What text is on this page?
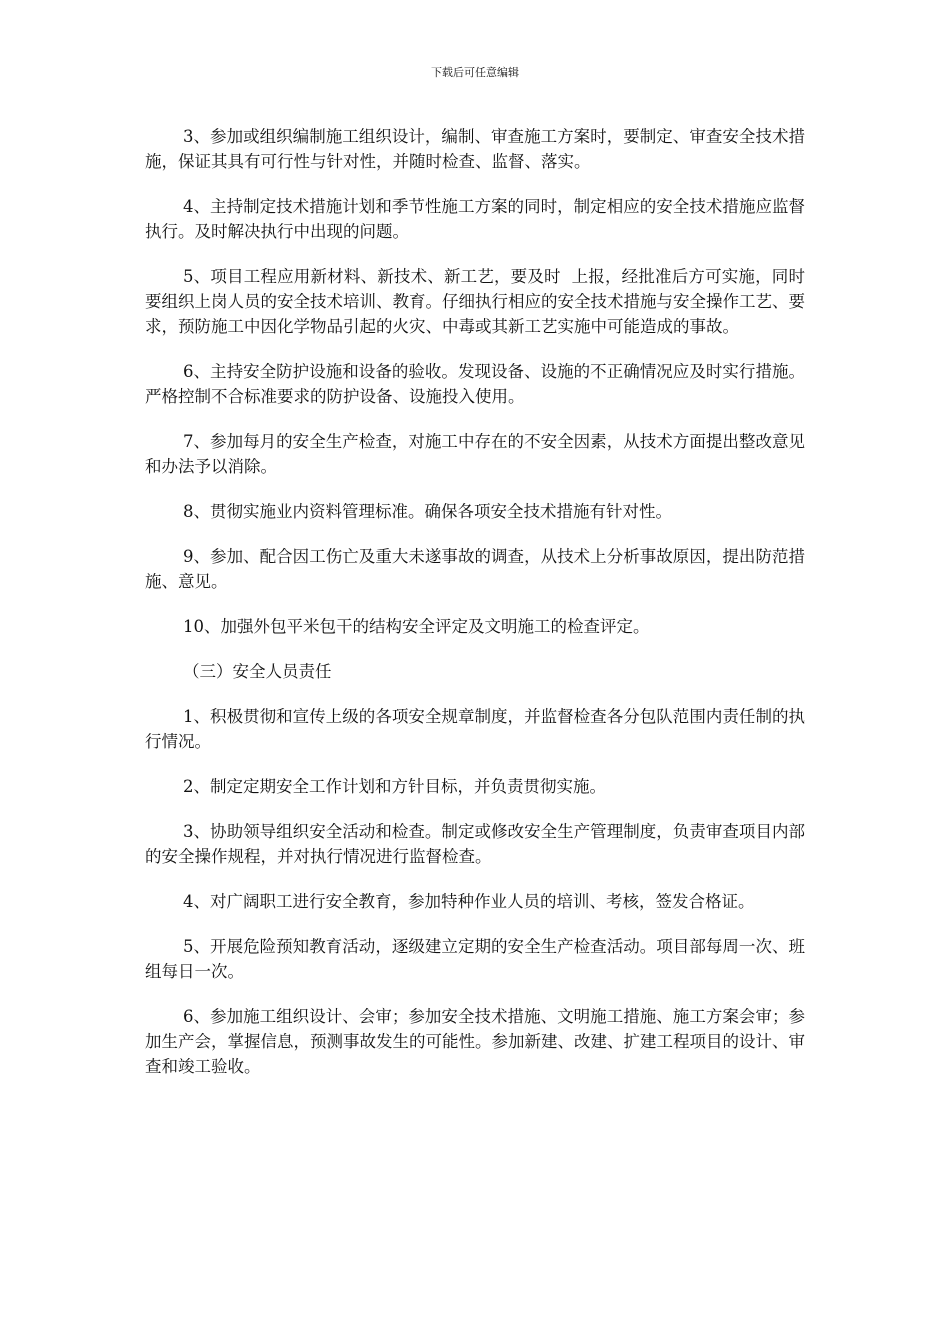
下载后可任意编辑

3、参加或组织编制施工组织设计，编制、审查施工方案时，要制定、审查安全技术措施，保证其具有可行性与针对性，并随时检查、监督、落实。

4、主持制定技术措施计划和季节性施工方案的同时，制定相应的安全技术措施应监督执行。及时解决执行中出现的问题。

5、项目工程应用新材料、新技术、新工艺，要及时  上报，经批准后方可实施，同时要组织上岗人员的安全技术培训、教育。仔细执行相应的安全技术措施与安全操作工艺、要求，预防施工中因化学物品引起的火灾、中毒或其新工艺实施中可能造成的事故。

6、主持安全防护设施和设备的验收。发现设备、设施的不正确情况应及时实行措施。严格控制不合标准要求的防护设备、设施投入使用。

7、参加每月的安全生产检查，对施工中存在的不安全因素，从技术方面提出整改意见和办法予以消除。

8、贯彻实施业内资料管理标准。确保各项安全技术措施有针对性。

9、参加、配合因工伤亡及重大未遂事故的调查，从技术上分析事故原因，提出防范措施、意见。

10、加强外包平米包干的结构安全评定及文明施工的检查评定。

（三）安全人员责任

1、积极贯彻和宣传上级的各项安全规章制度，并监督检查各分包队范围内责任制的执行情况。

2、制定定期安全工作计划和方针目标，并负责贯彻实施。

3、协助领导组织安全活动和检查。制定或修改安全生产管理制度，负责审查项目内部的安全操作规程，并对执行情况进行监督检查。

4、对广阔职工进行安全教育，参加特种作业人员的培训、考核，签发合格证。

5、开展危险预知教育活动，逐级建立定期的安全生产检查活动。项目部每周一次、班组每日一次。

6、参加施工组织设计、会审；参加安全技术措施、文明施工措施、施工方案会审；参加生产会，掌握信息，预测事故发生的可能性。参加新建、改建、扩建工程项目的设计、审查和竣工验收。
